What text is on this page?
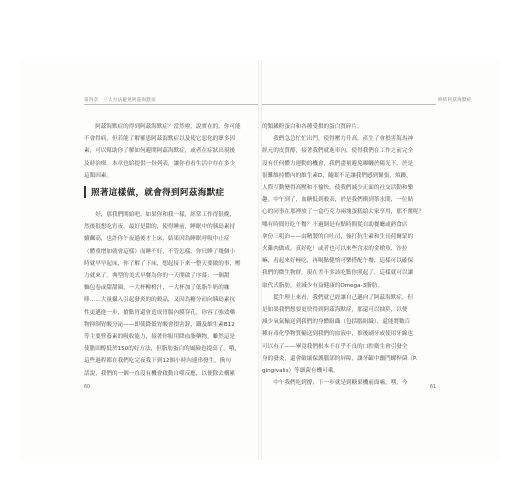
第四章　三大方法避免阿茲海默症	終結阿茲海默症

　　阿茲海默症的得到阿茲海默症？當然啦，說實在的，你可能

不會得病，但若能了解罹患阿茲海默症以及使它惡化的眾多因

素，可以幫助你了解如何避開阿茲海默症，或者在症狀出現後

及時治療。本章也給提供一份列表，讓你看看生活中存在多少

這類因素。

照著這樣做，就會得到阿茲海默症

　　好，那我們開始吧。如果你和我一樣，經常工作得很晚，

然後很想吃宵夜，最好是甜的，使得睡前，睡眠中的胰島素持

續飆高，也許你午夜過後才上床，結果因為睡眠呼吸中止症

（體重增加就會這樣）而睡不好，不管怎樣，你只睡了幾個小

時就早早起床，你了解了下床，想起接下來一整天要做的事，壓

力就來了。典型的美式早餐為你的一天開啟了序幕：一個甜

麵包卷或甜甜圈，一大杯柳橙汁，一大杯加了低脂牛奶的咖

啡……大量攝入引起發炎的的穀品，又因為糖分而向胰島素抗

性更邁進一步，搶點胃還會造成胃腸內膜穿孔，你容了強效藥

物抑制胃酸分泌——即使降低胃酸會損害鋅、鐵及維生素B12

等主要營養素的吸收能力，接著你服用降血脂藥物，雖然這是

使膽固醇低於150的好方法，但脂肪蛋白的風險也提高了。哦，

這些過程都在我們吃完夜我下到12個小時內連串發生，換句

話說，我們的一個一直沒有機會啟動自噬反應，以便除去構累

的類澱粉蛋白和各種受損的蛋白質碎片。

　　我們急急忙忙出門，使得壓力升高，產生了會損害海馬神

經元的皮質醇，接著我們就進車內，使得我們在工作之前完全

沒有任何體力運動的機會，我們盡量避免曝曬於陽光下，於是

很難維持體內的維生素D，隨眼不足讓我們感到緊張，煩躁，

人際互動變得高壓和不愉快，使我們減少正面的社交活動和樂

趣。中午到了，血糖低到穀表，於是我們衝到茶水間，一位貼

心的同事在那裡放了一盒巧克力兩塊蛋糕給大家享用，那不奮呢？

哪有時間好吃午餐？不過倒是有點時間從自助餐廳或熟食店

拿份三明治——由精製的白吐司，強打抗生素和生長荷爾蒙的

火雞肉做成，真好吃！或者也可以來些含汞的金槍魚、沙拉

嘛，看起來好極吃，再喝點健怡可樂搭配午餐，這樣可以確保

我們的微生物群，現在差不多該吃點你照起了，這樣就可以讓

取代式脂肪，並減少有益健康的Omega-3脂肪。

　　從生理上來看，我們就已經讓自己邁向了阿茲海默症，但

是如果我們想要更快得到阿茲海默症，那還可以抽菸，以便

減少氧氣輸送到我們的身體組織（包括腦組織），還能將數百

種有毒化學物質輸送到我們的血液中，推後刷牙或使用牙線也

可以有了——畢竟我們根本不在乎不良的口腔衛生會引發全

身的發炎，還會破壞保護腦部的屏障，讓牙齦中幽門螺桿菌（P.

gingivalis）等細菌有機可乘。

　　中午我們吃到撐，下一步就是到糖果機前面嗑，嘿，今

60	61
